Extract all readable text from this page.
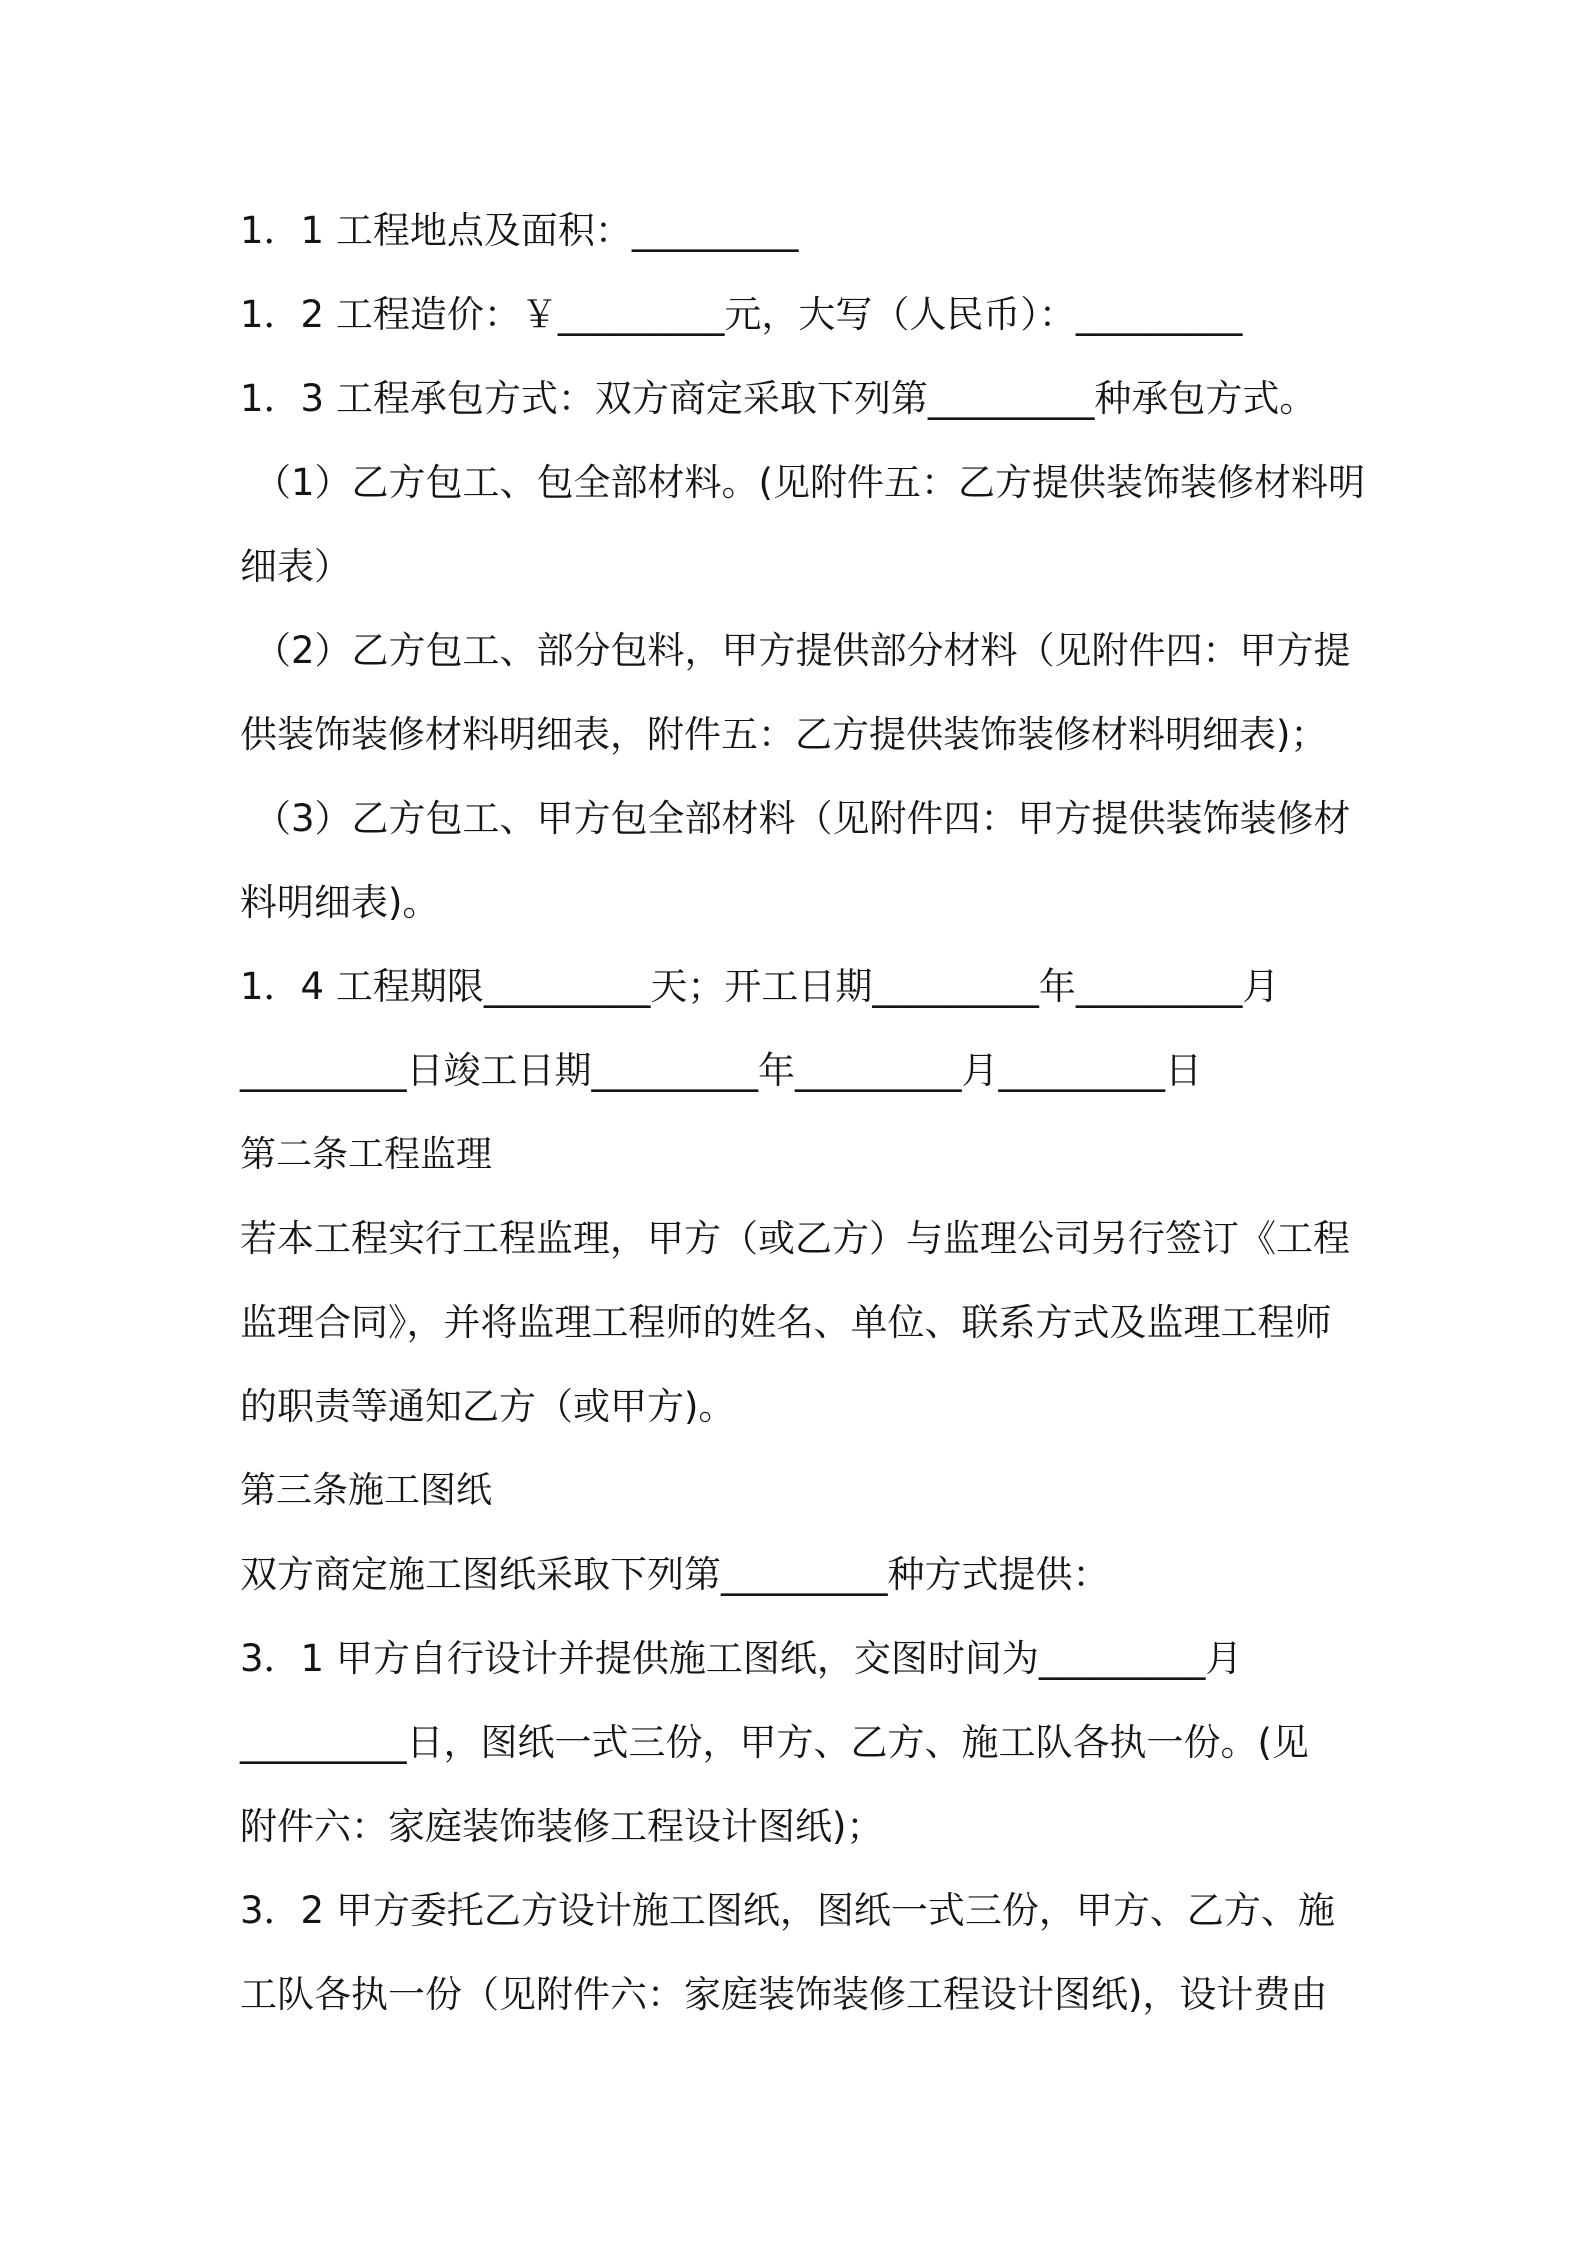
1．1 工程地点及面积：_________
1．2 工程造价：￥_________元，大写（人民币）：_________
1．3 工程承包方式：双方商定采取下列第_________种承包方式。
（1）乙方包工、包全部材料。(见附件五：乙方提供装饰装修材料明
细表）
（2）乙方包工、部分包料，甲方提供部分材料（见附件四：甲方提
供装饰装修材料明细表，附件五：乙方提供装饰装修材料明细表)；
（3）乙方包工、甲方包全部材料（见附件四：甲方提供装饰装修材
料明细表)。
1．4 工程期限_________天；开工日期_________年_________月
_________日竣工日期_________年_________月_________日
第二条工程监理
若本工程实行工程监理，甲方（或乙方）与监理公司另行签订《工程
监理合同》，并将监理工程师的姓名、单位、联系方式及监理工程师
的职责等通知乙方（或甲方)。
第三条施工图纸
双方商定施工图纸采取下列第_________种方式提供：
3．1 甲方自行设计并提供施工图纸，交图时间为_________月
_________日，图纸一式三份，甲方、乙方、施工队各执一份。(见
附件六：家庭装饰装修工程设计图纸)；
3．2 甲方委托乙方设计施工图纸，图纸一式三份，甲方、乙方、施
工队各执一份（见附件六：家庭装饰装修工程设计图纸)，设计费由
